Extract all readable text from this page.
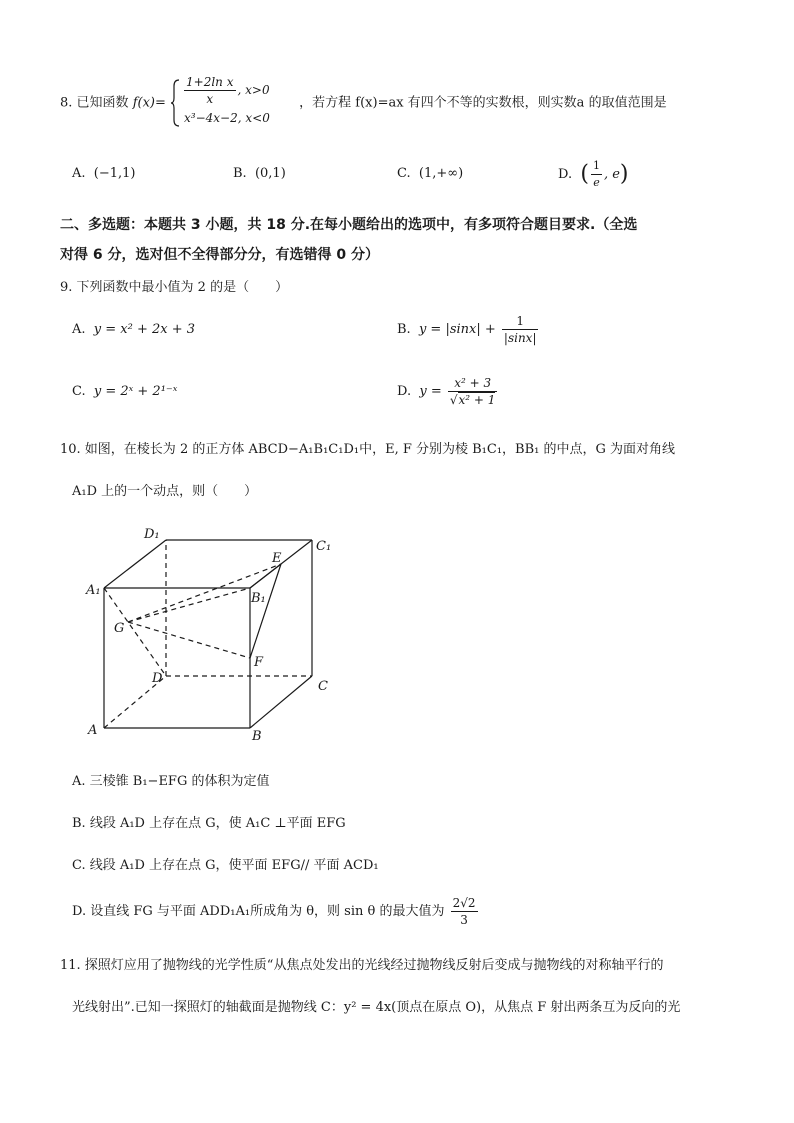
8. 已知函数 $f(x)= \frac{\text{1+2ln x}}{x}$ , x>0
x³−4x−2, x<0
，若方程 f(x)=ax 有四个不等的实数根，则实数a 的取值范围是
A. (−1,1)	B. (0,1)	C. (1,+∞)	D. ( $\frac{1}{e}$ , e)
二、多选题：本题共 3 小题，共 18 分.在每小题给出的选项中，有多项符合题目要求.（全选
对得 6 分，选对但不全得部分分，有选错得 0 分）
9. 下列函数中最小值为 2 的是（　　）
A. y = x² + 2x + 3	B. $y = |\sin x| + \frac{1}{|\sin x|}$
C. y = 2ˣ + 2¹⁻ˣ	D. $y = \frac{\text{x² + 3}}{\text{√x² + 1}}$
10. 如图，在棱长为 2 的正方体 ABCD−A₁B₁C₁D₁中，E, F 分别为棱 B₁C₁，BB₁ 的中点，G 为面对角线
A₁D 上的一个动点，则（　　）
D₁
C₁
E
A₁
B₁
G
F
D
C
A	B
A. 三棱锥 B₁−EFG 的体积为定值
B. 线段 A₁D 上存在点 G，使 A₁C ⊥平面 EFG
C. 线段 A₁D 上存在点 G，使平面 EFG// 平面 ACD₁
D. 设直线 FG 与平面 ADD₁A₁所成角为 θ，则 sin θ 的最大值为 $\frac{2√2}{3}$
11. 探照灯应用了抛物线的光学性质“从焦点处发出的光线经过抛物线反射后变成与抛物线的对称轴平行的
光线射出”.已知一探照灯的轴截面是抛物线 C：y² = 4x(顶点在原点 O)，从焦点 F 射出两条互为反向的光
